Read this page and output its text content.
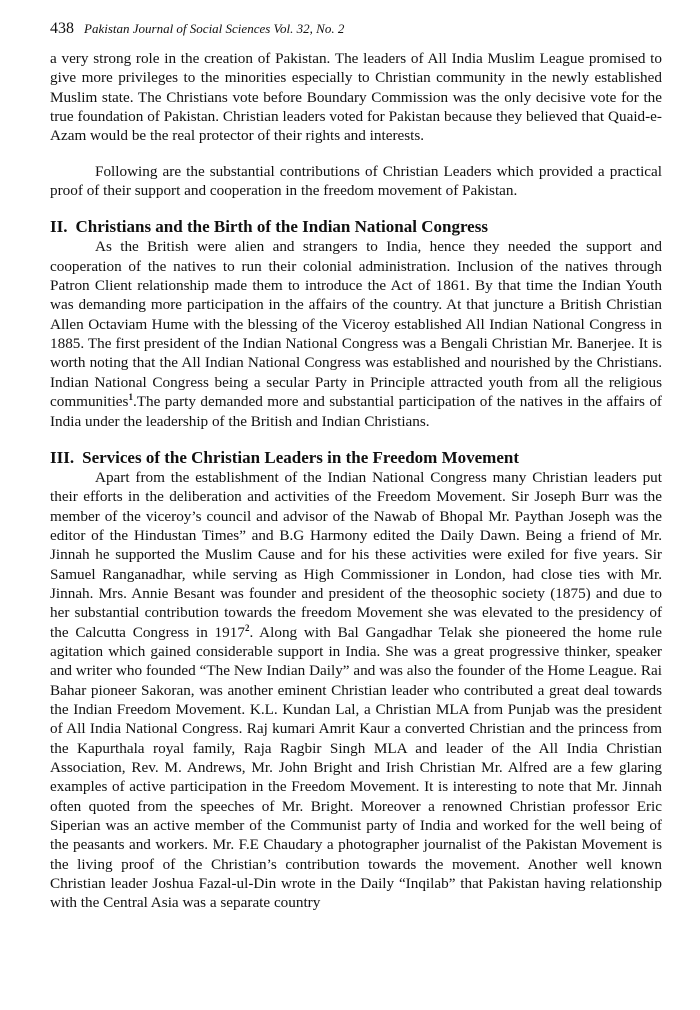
438 Pakistan Journal of Social Sciences Vol. 32, No. 2

a very strong role in the creation of Pakistan. The leaders of All India Muslim League promised to give more privileges to the minorities especially to Christian community in the newly established Muslim state. The Christians vote before Boundary Commission was the only decisive vote for the true foundation of Pakistan. Christian leaders voted for Pakistan because they believed that Quaid-e-Azam would be the real protector of their rights and interests.

Following are the substantial contributions of Christian Leaders which provided a practical proof of their support and cooperation in the freedom movement of Pakistan.

II. Christians and the Birth of the Indian National Congress

As the British were alien and strangers to India, hence they needed the support and cooperation of the natives to run their colonial administration. Inclusion of the natives through Patron Client relationship made them to introduce the Act of 1861. By that time the Indian Youth was demanding more participation in the affairs of the country. At that juncture a British Christian Allen Octaviam Hume with the blessing of the Viceroy established All Indian National Congress in 1885. The first president of the Indian National Congress was a Bengali Christian Mr. Banerjee. It is worth noting that the All Indian National Congress was established and nourished by the Christians. Indian National Congress being a secular Party in Principle attracted youth from all the religious communities$^1$.The party demanded more and substantial participation of the natives in the affairs of India under the leadership of the British and Indian Christians.

III. Services of the Christian Leaders in the Freedom Movement

Apart from the establishment of the Indian National Congress many Christian leaders put their efforts in the deliberation and activities of the Freedom Movement. Sir Joseph Burr was the member of the viceroy’s council and advisor of the Nawab of Bhopal Mr. Paythan Joseph was the editor of the Hindustan Times” and B.G Harmony edited the Daily Dawn. Being a friend of Mr. Jinnah he supported the Muslim Cause and for his these activities were exiled for five years. Sir Samuel Ranganadhar, while serving as High Commissioner in London, had close ties with Mr. Jinnah. Mrs. Annie Besant was founder and president of the theosophic society (1875) and due to her substantial contribution towards the freedom Movement she was elevated to the presidency of the Calcutta Congress in 1917$^2$. Along with Bal Gangadhar Telak she pioneered the home rule agitation which gained considerable support in India. She was a great progressive thinker, speaker and writer who founded “The New Indian Daily” and was also the founder of the Home League. Rai Bahar pioneer Sakoran, was another eminent Christian leader who contributed a great deal towards the Indian Freedom Movement. K.L. Kundan Lal, a Christian MLA from Punjab was the president of All India National Congress. Raj kumari Amrit Kaur a converted Christian and the princess from the Kapurthala royal family, Raja Ragbir Singh MLA and leader of the All India Christian Association, Rev. M. Andrews, Mr. John Bright and Irish Christian Mr. Alfred are a few glaring examples of active participation in the Freedom Movement. It is interesting to note that Mr. Jinnah often quoted from the speeches of Mr. Bright. Moreover a renowned Christian professor Eric Siperian was an active member of the Communist party of India and worked for the well being of the peasants and workers. Mr. F.E Chaudary a photographer journalist of the Pakistan Movement is the living proof of the Christian’s contribution towards the movement. Another well known Christian leader Joshua Fazal-ul-Din wrote in the Daily “Inqilab” that Pakistan having relationship with the Central Asia was a separate country
